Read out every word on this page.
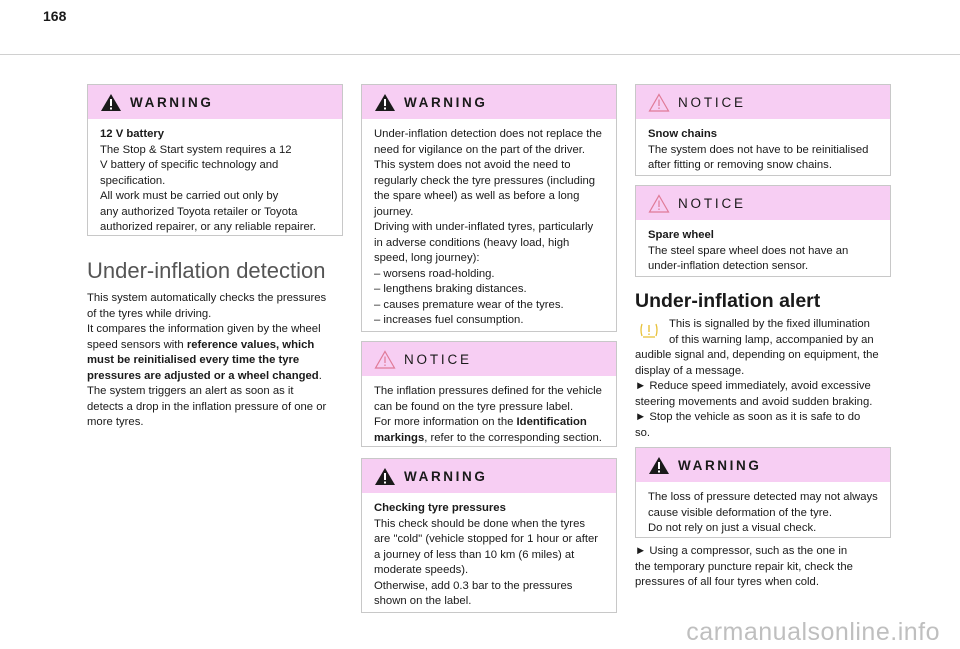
168
WARNING
12 V battery
The Stop & Start system requires a 12
V battery of specific technology and
specification.
All work must be carried out only by
any authorized Toyota retailer or Toyota
authorized repairer, or any reliable repairer.
Under-inflation detection
This system automatically checks the pressures
of the tyres while driving.
It compares the information given by the wheel
speed sensors with reference values, which
must be reinitialised every time the tyre
pressures are adjusted or a wheel changed.
The system triggers an alert as soon as it
detects a drop in the inflation pressure of one or
more tyres.
WARNING
Under-inflation detection does not replace the
need for vigilance on the part of the driver.
This system does not avoid the need to
regularly check the tyre pressures (including
the spare wheel) as well as before a long
journey.
Driving with under-inflated tyres, particularly
in adverse conditions (heavy load, high
speed, long journey):
– worsens road-holding.
– lengthens braking distances.
– causes premature wear of the tyres.
– increases fuel consumption.
NOTICE
The inflation pressures defined for the vehicle
can be found on the tyre pressure label.
For more information on the Identification
markings, refer to the corresponding section.
WARNING
Checking tyre pressures
This check should be done when the tyres
are "cold" (vehicle stopped for 1 hour or after
a journey of less than 10 km (6 miles) at
moderate speeds).
Otherwise, add 0.3 bar to the pressures
shown on the label.
NOTICE
Snow chains
The system does not have to be reinitialised
after fitting or removing snow chains.
NOTICE
Spare wheel
The steel spare wheel does not have an
under-inflation detection sensor.
Under-inflation alert
This is signalled by the fixed illumination
of this warning lamp, accompanied by an
audible signal and, depending on equipment, the
display of a message.
► Reduce speed immediately, avoid excessive
steering movements and avoid sudden braking.
► Stop the vehicle as soon as it is safe to do
so.
WARNING
The loss of pressure detected may not always
cause visible deformation of the tyre.
Do not rely on just a visual check.
► Using a compressor, such as the one in
the temporary puncture repair kit, check the
pressures of all four tyres when cold.
carmanualsonline.info
